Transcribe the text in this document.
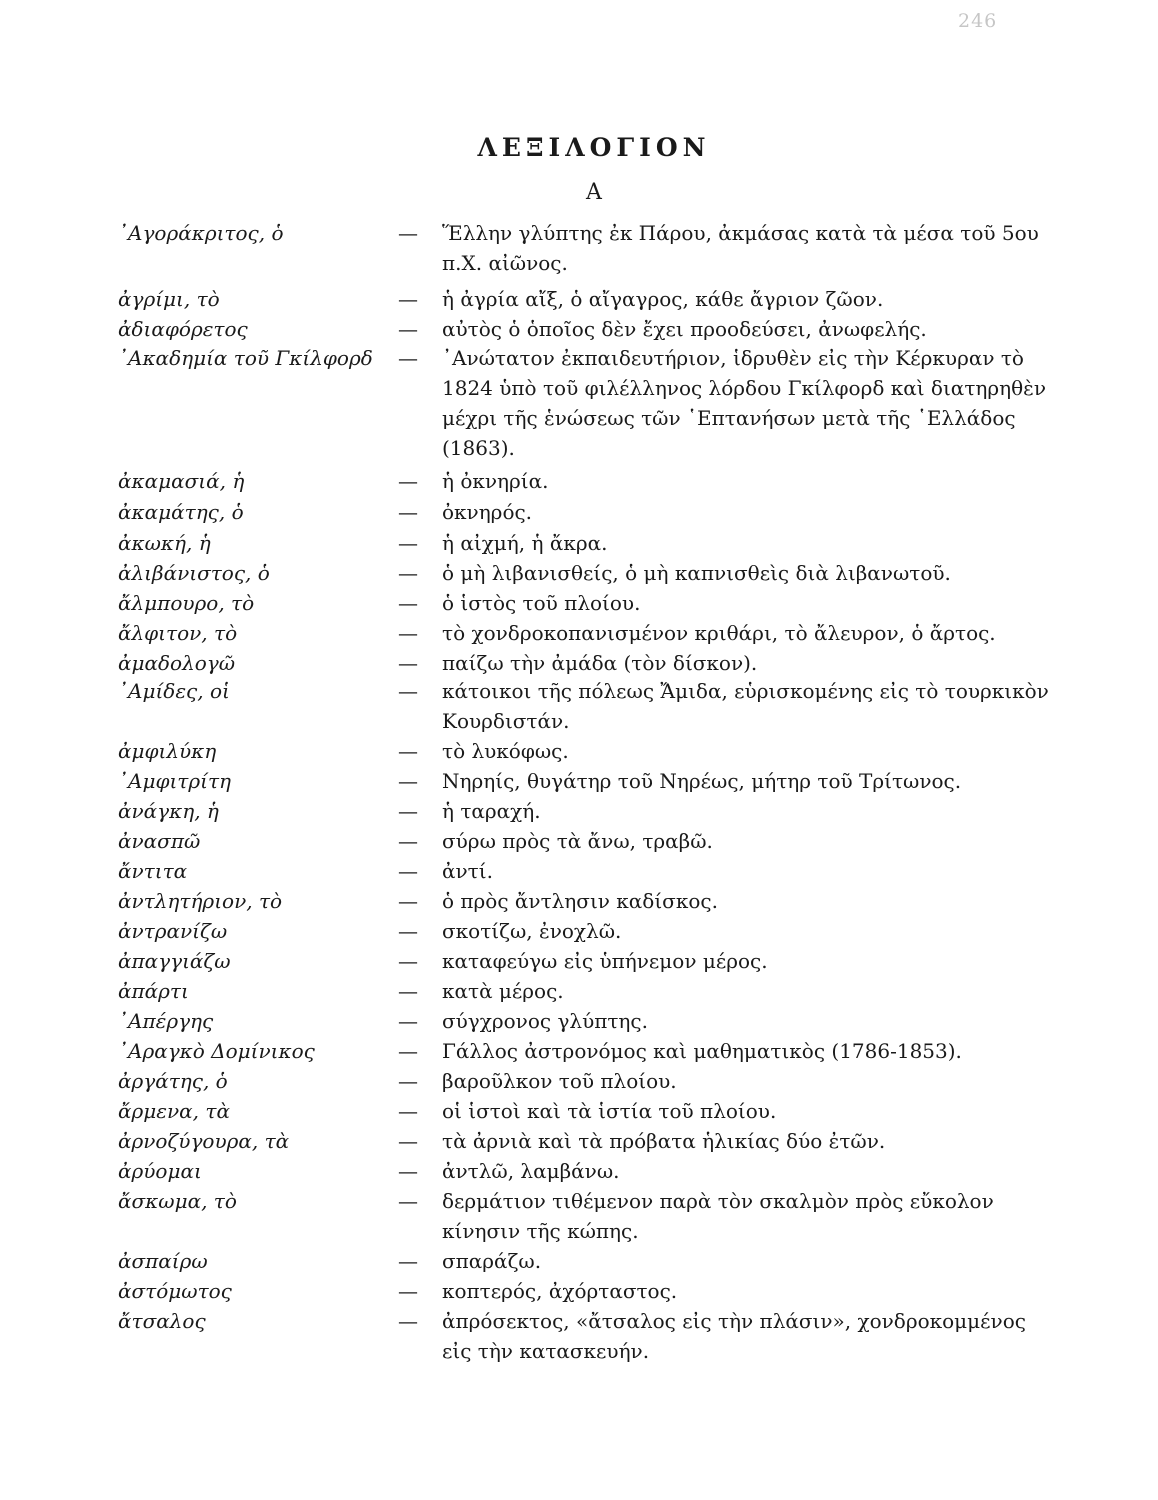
246
ΛΕΞΙΛΟΓΙΟΝ
Α
᾿Αγοράκριτος, ὁ	— Ἕλλην γλύπτης ἐκ Πάρου, ἀκμάσας κατὰ τὰ μέσα τοῦ 5ου π.Χ. αἰῶνος.
ἀγρίμι, τὸ	— ἡ ἀγρία αἴξ, ὁ αἴγαγρος, κάθε ἄγριον ζῶον.
ἀδιαφόρετος	— αὐτὸς ὁ ὁποῖος δὲν ἔχει προοδεύσει, ἀνωφελής.
᾿Ακαδημία τοῦ Γκίλφορδ	— ᾿Ανώτατον ἐκπαιδευτήριον, ἱδρυθὲν εἰς τὴν Κέρκυραν τὸ 1824 ὑπὸ τοῦ φιλέλληνος λόρδου Γκίλφορδ καὶ διατηρηθὲν μέχρι τῆς ἑνώσεως τῶν ῾Επτανήσων μετὰ τῆς ῾Ελλάδος (1863).
ἀκαμασιά, ἡ	— ἡ ὀκνηρία.
ἀκαμάτης, ὁ	— ὀκνηρός.
ἀκωκή, ἡ	— ἡ αἰχμή, ἡ ἄκρα.
ἀλιβάνιστος, ὁ	— ὁ μὴ λιβανισθείς, ὁ μὴ καπνισθεὶς διὰ λιβανωτοῦ.
ἄλμπουρο, τὸ	— ὁ ἱστὸς τοῦ πλοίου.
ἄλφιτον, τὸ	— τὸ χονδροκοπανισμένον κριθάρι, τὸ ἄλευρον, ὁ ἄρτος.
ἀμαδολογῶ	— παίζω τὴν ἀμάδα (τὸν δίσκον).
᾿Αμίδες, οἱ	— κάτοικοι τῆς πόλεως Ἄμιδα, εὑρισκομένης εἰς τὸ τουρκικὸν Κουρδιστάν.
ἀμφιλύκη	— τὸ λυκόφως.
᾿Αμφιτρίτη	— Νηρηίς, θυγάτηρ τοῦ Νηρέως, μήτηρ τοῦ Τρίτωνος.
ἀνάγκη, ἡ	— ἡ ταραχή.
ἀνασπῶ	— σύρω πρὸς τὰ ἄνω, τραβῶ.
ἄντιτα	— ἀντί.
ἀντλητήριον, τὸ	— ὁ πρὸς ἄντλησιν καδίσκος.
ἀντρανίζω	— σκοτίζω, ἐνοχλῶ.
ἀπαγγιάζω	— καταφεύγω εἰς ὑπήνεμον μέρος.
ἀπάρτι	— κατὰ μέρος.
᾿Απέργης	— σύγχρονος γλύπτης.
᾿Αραγκὸ Δομίνικος	— Γάλλος ἀστρονόμος καὶ μαθηματικὸς (1786-1853).
ἀργάτης, ὁ	— βαροῦλκον τοῦ πλοίου.
ἄρμενα, τὰ	— οἱ ἱστοὶ καὶ τὰ ἱστία τοῦ πλοίου.
ἀρνοζύγουρα, τὰ	— τὰ ἀρνιὰ καὶ τὰ πρόβατα ἡλικίας δύο ἐτῶν.
ἀρύομαι	— ἀντλῶ, λαμβάνω.
ἄσκωμα, τὸ	— δερμάτιον τιθέμενον παρὰ τὸν σκαλμὸν πρὸς εὔκολον κίνησιν τῆς κώπης.
ἀσπαίρω	— σπαράζω.
ἀστόμωτος	— κοπτερός, ἀχόρταστος.
ἄτσαλος	— ἀπρόσεκτος, «ἄτσαλος εἰς τὴν πλάσιν», χονδροκομμένος εἰς τὴν κατασκευήν.
